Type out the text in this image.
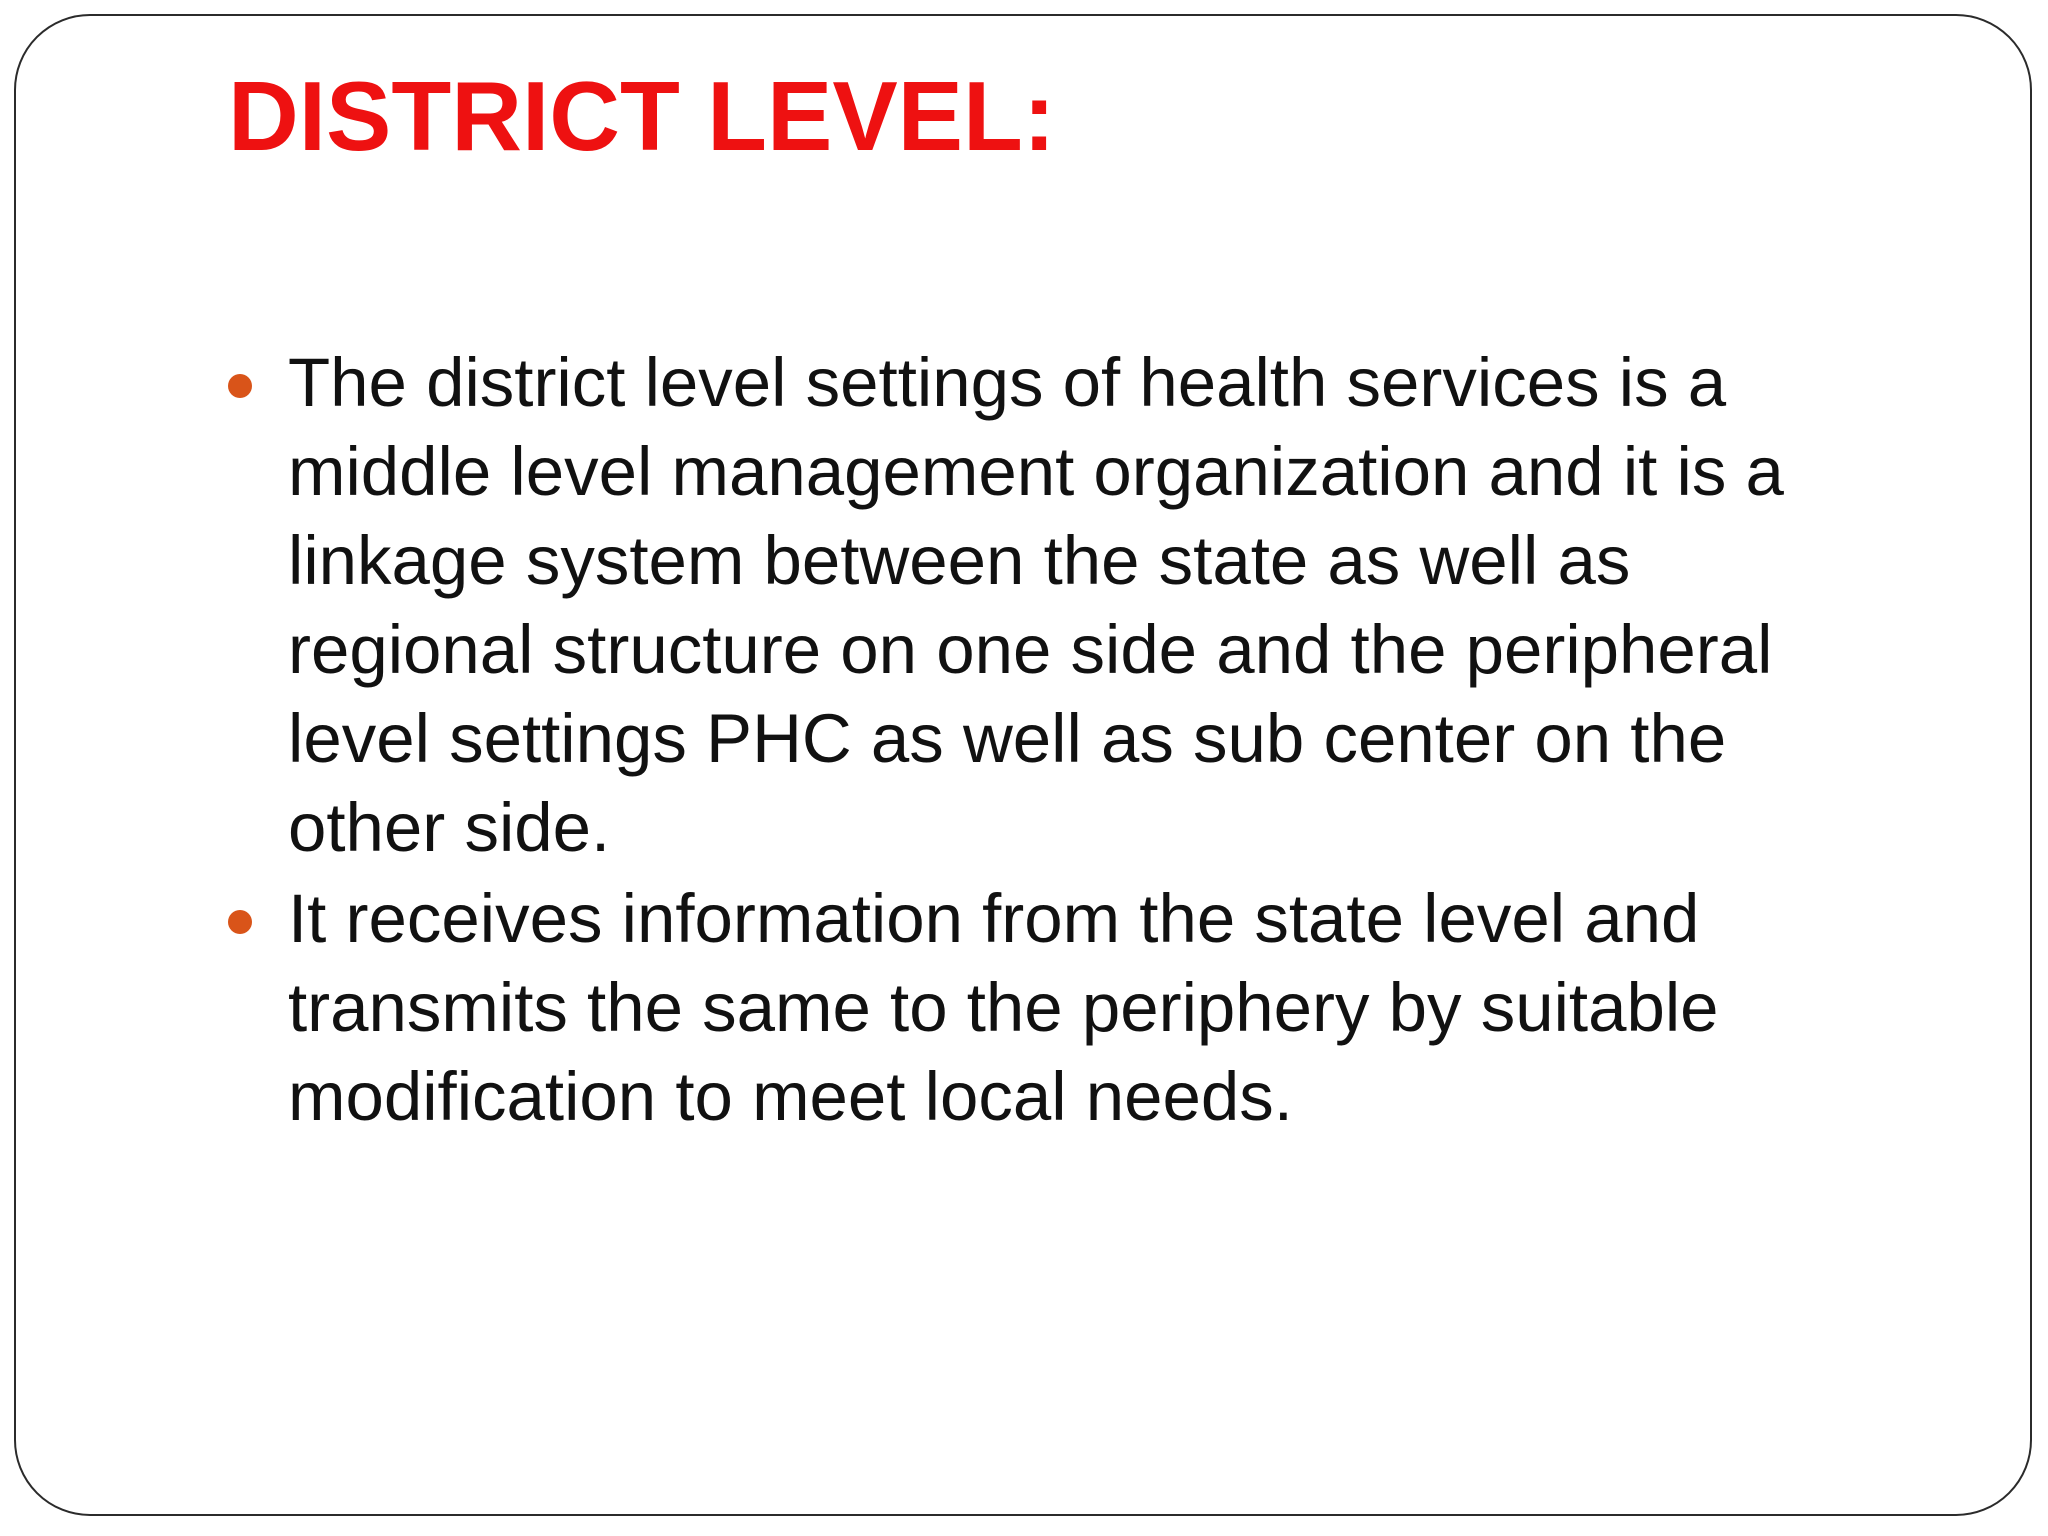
DISTRICT LEVEL:
The district level settings of health services is a
middle level management organization and it is a
linkage system between the state as well as
regional structure on one side and the peripheral
level settings PHC as well as sub center on the
other side.
It receives information from the state level and
transmits the same to the periphery by suitable
modification to meet local needs.
